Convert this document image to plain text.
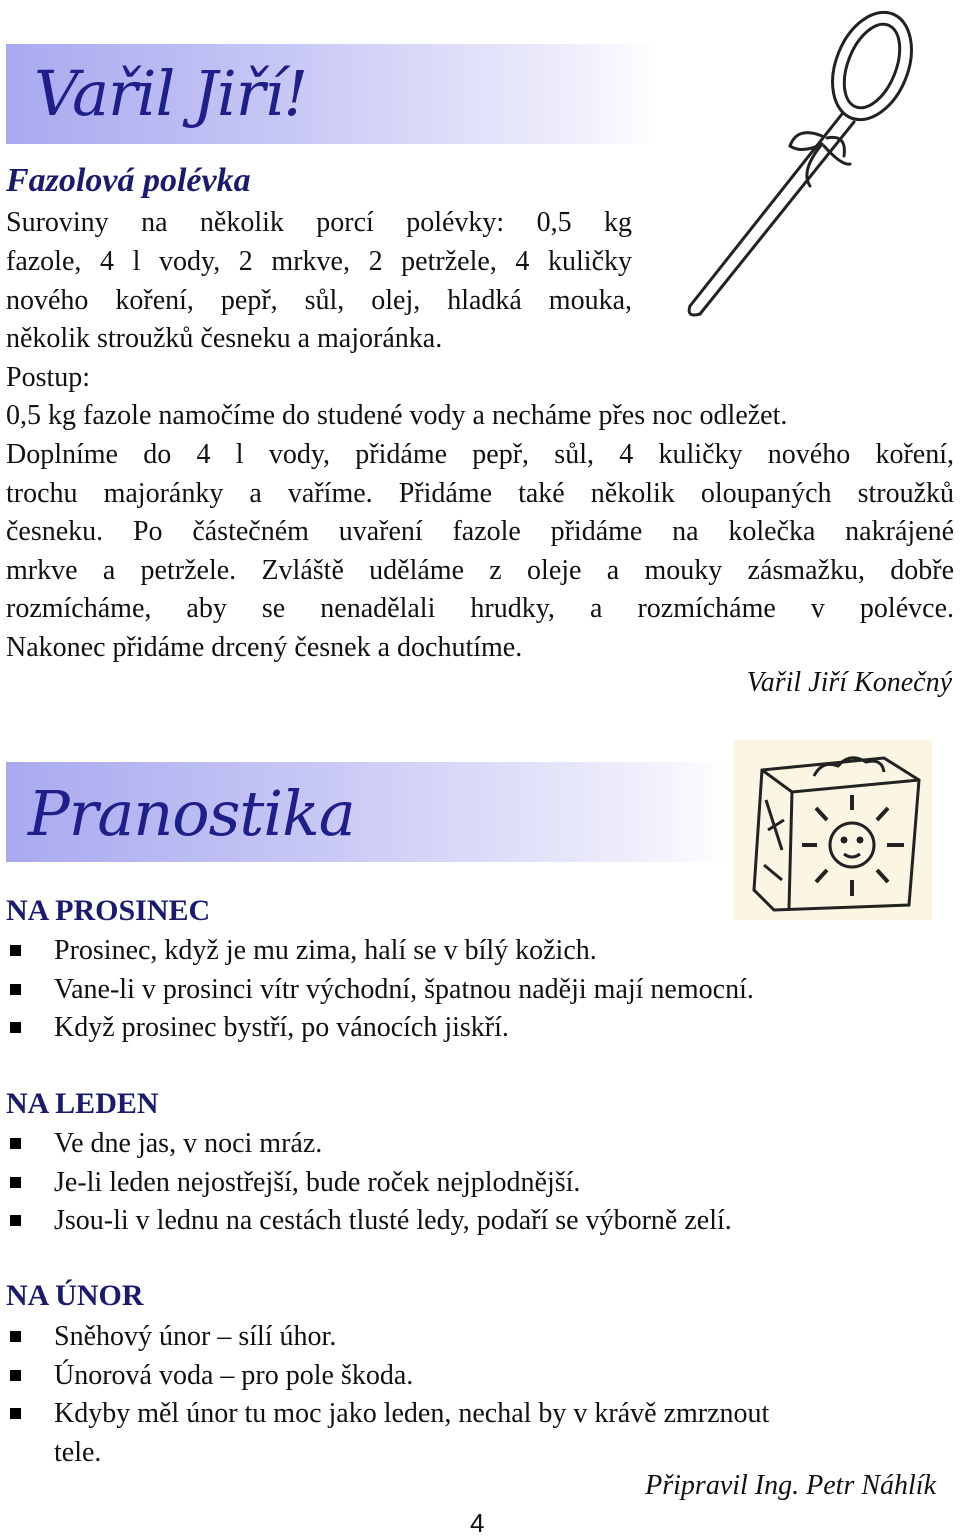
Vařil Jiří!
Fazolová polévka
Suroviny na několik porcí polévky: 0,5 kg
fazole, 4 l vody, 2 mrkve, 2 petržele, 4 kuličky
nového koření, pepř, sůl, olej, hladká mouka,
několik stroužků česneku a majoránka.
Postup:
0,5 kg fazole namočíme do studené vody a necháme přes noc odležet.
Doplníme do 4 l vody, přidáme pepř, sůl, 4 kuličky nového koření,
trochu majoránky a vaříme. Přidáme také několik oloupaných stroužků
česneku. Po částečném uvaření fazole přidáme na kolečka nakrájené
mrkve a petržele. Zvláště uděláme z oleje a mouky zásmažku, dobře
rozmícháme, aby se nenadělali hrudky, a rozmícháme v polévce.
Nakonec přidáme drcený česnek a dochutíme.
Vařil Jiří Konečný
Pranostika
NA PROSINEC
Prosinec, když je mu zima, halí se v bílý kožich.
Vane-li v prosinci vítr východní, špatnou naději mají nemocní.
Když prosinec bystří, po vánocích jiskří.
NA LEDEN
Ve dne jas, v noci mráz.
Je-li leden nejostřejší, bude roček nejplodnější.
Jsou-li v lednu na cestách tlusté ledy, podaří se výborně zelí.
NA ÚNOR
Sněhový únor – sílí úhor.
Únorová voda – pro pole škoda.
Kdyby měl únor tu moc jako leden, nechal by v krávě zmrznout
tele.
Připravil Ing. Petr Náhlík
4
